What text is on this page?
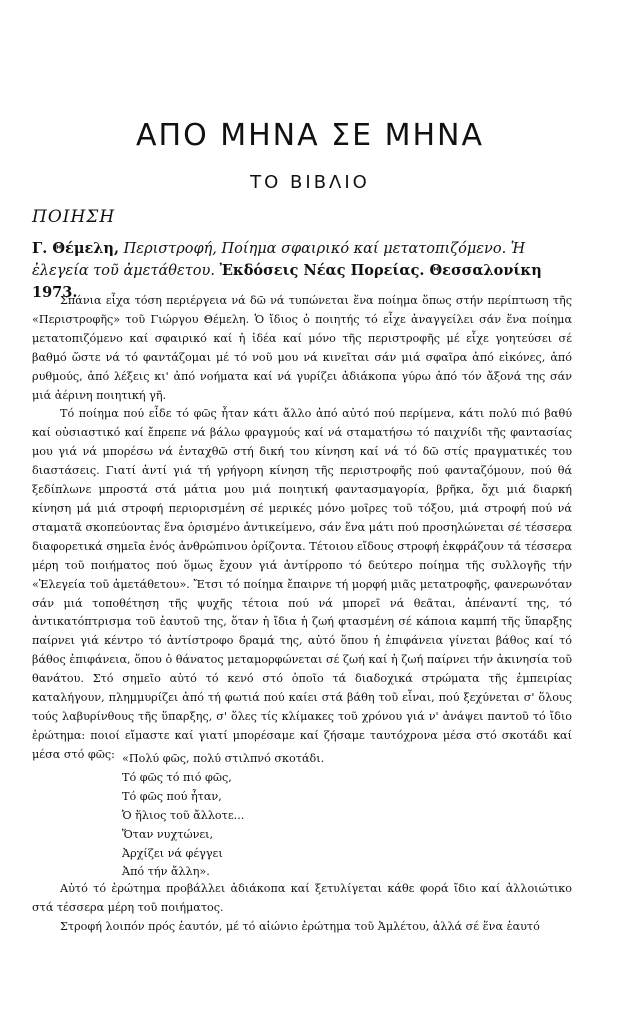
ΑΠΟ ΜΗΝΑ ΣΕ ΜΗΝΑ
ΤΟ ΒΙΒΛΙΟ
ΠΟΙΗΣΗ
Γ. Θέμελη, Περιστροφή, Ποίημα σφαιρικό καί μετατοπιζόμενο. Ἡ ἐλεγεία τοῦ ἀμετάθετου. Ἐκδόσεις Νέας Πορείας. Θεσσαλονίκη 1973.

Σπάνια εἶχα τόση περιέργεια νά δῶ νά τυπώνεται ἕνα ποίημα ὅπως στήν περίπτωση τῆς «Περιστροφῆς» τοῦ Γιώργου Θέμελη. Ὁ ἴδιος ὁ ποιητής τό εἶχε ἀναγγείλει σάν ἕνα ποίημα μετατοπιζόμενο καί σφαιρικό καί ἡ ἰδέα καί μόνο τῆς περιστροφῆς μέ εἶχε γοητεύσει σέ βαθμό ὥστε νά τό φαντάζομαι μέ τό νοῦ μου νά κινεῖται σάν μιά σφαῖρα ἀπό εἰκόνες, ἀπό ρυθμούς, ἀπό λέξεις κι' ἀπό νοήματα καί νά γυρίζει ἀδιάκοπα γύρω ἀπό τόν ἄξονά της σάν μιά ἀέρινη ποιητική γῆ.

Τό ποίημα πού εἶδε τό φῶς ἦταν κάτι ἄλλο ἀπό αὐτό πού περίμενα, κάτι πολύ πιό βαθύ καί οὐσιαστικό καί ἔπρεπε νά βάλω φραγμούς καί νά σταματήσω τό παιχνίδι τῆς φαντασίας μου γιά νά μπορέσω νά ἐνταχθῶ στή δική του κίνηση καί νά τό δῶ στίς πραγματικές του διαστάσεις. Γιατί ἀντί γιά τή γρήγορη κίνηση τῆς περιστροφῆς πού φανταζόμουν, πού θά ξεδίπλωνε μπροστά στά μάτια μου μιά ποιητική φαντασμαγορία, βρῆκα, ὄχι μιά διαρκή κίνηση μά μιά στροφή περιορισμένη σέ μερικές μόνο μοῖρες τοῦ τόξου, μιά στροφή πού νά σταματᾶ σκοπεύοντας ἕνα ὁρισμένο ἀντικείμενο, σάν ἕνα μάτι πού προσηλώνεται σέ τέσσερα διαφορετικά σημεῖα ἑνός ἀνθρώπινου ὁρίζοντα. Τέτοιου εἴδους στροφή ἐκφράζουν τά τέσσερα μέρη τοῦ ποιήματος πού ὅμως ἔχουν γιά ἀντίρροπο τό δεύτερο ποίημα τῆς συλλογῆς τήν «Ἐλεγεία τοῦ ἀμετάθετου». Ἔτσι τό ποίημα ἔπαιρνε τή μορφή μιᾶς μετατροφῆς, φανερωνόταν σάν μιά τοποθέτηση τῆς ψυχῆς τέτοια πού νά μπορεῖ νά θεᾶται, ἀπέναντί της, τό ἀντικατόπτρισμα τοῦ ἑαυτοῦ της, ὅταν ἡ ἴδια ἡ ζωή φτασμένη σέ κάποια καμπή τῆς ὕπαρξης παίρνει γιά κέντρο τό ἀντίστροφο δραμά της, αὐτό ὅπου ἡ ἐπιφάνεια γίνεται βάθος καί τό βάθος ἐπιφάνεια, ὅπου ὁ θάνατος μεταμορφώνεται σέ ζωή καί ἡ ζωή παίρνει τήν ἀκινησία τοῦ θανάτου. Στό σημεῖο αὐτό τό κενό στό ὁποῖο τά διαδοχικά στρώματα τῆς ἐμπειρίας καταλήγουν, πλημμυρίζει ἀπό τή φωτιά πού καίει στά βάθη τοῦ εἶναι, πού ξεχύνεται σ' ὅλους τούς λαβυρίνθους τῆς ὕπαρξης, σ' ὅλες τίς κλίμακες τοῦ χρόνου γιά ν' ἀνάψει παντοῦ τό ἴδιο ἐρώτημα: ποιοί εἴμαστε καί γιατί μπορέσαμε καί ζήσαμε ταυτόχρονα μέσα στό σκοτάδι καί μέσα στό φῶς: «Πολύ φῶς, πολύ στιλπνό σκοτάδι.
Τό φῶς τό πιό φῶς,
Τό φῶς πού ἦταν,
Ὁ ἥλιος τοῦ ἄλλοτε...
Ὅταν νυχτώνει,
Ἀρχίζει νά φέγγει
Ἀπό τήν ἄλλη».

Αὐτό τό ἐρώτημα προβάλλει ἀδιάκοπα καί ξετυλίγεται κάθε φορά ἴδιο καί ἀλλοιώτικο στά τέσσερα μέρη τοῦ ποιήματος.

Στροφή λοιπόν πρός ἑαυτόν, μέ τό αἰώνιο ἐρώτημα τοῦ Ἀμλέτου, ἀλλά σέ ἕνα ἑαυτό
